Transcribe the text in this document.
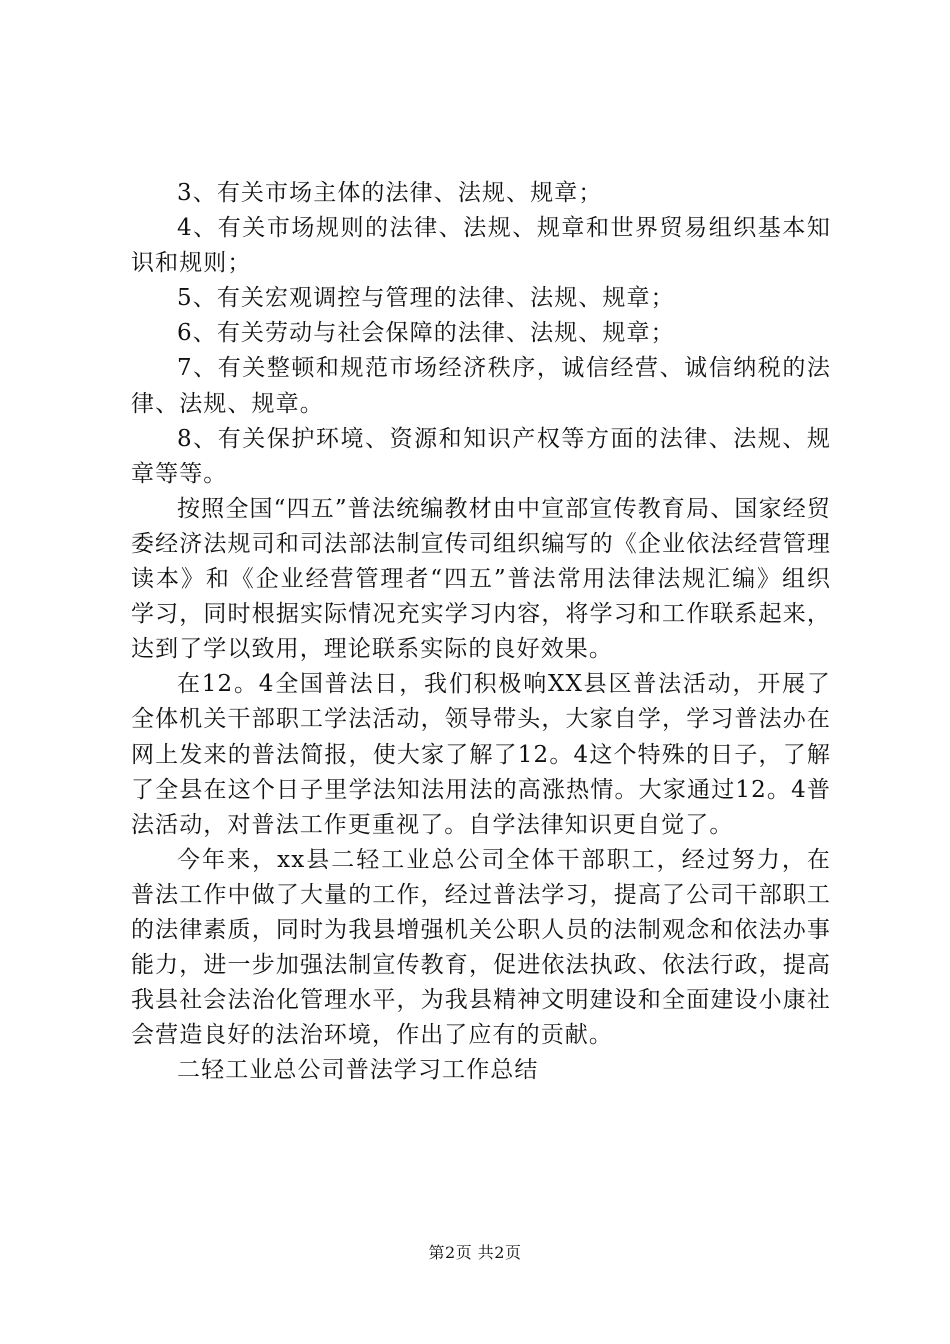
3、有关市场主体的法律、法规、规章；

4、有关市场规则的法律、法规、规章和世界贸易组织基本知识和规则；

5、有关宏观调控与管理的法律、法规、规章；

6、有关劳动与社会保障的法律、法规、规章；

7、有关整顿和规范市场经济秩序，诚信经营、诚信纳税的法律、法规、规章。

8、有关保护环境、资源和知识产权等方面的法律、法规、规章等等。

按照全国“四五”普法统编教材由中宣部宣传教育局、国家经贸委经济法规司和司法部法制宣传司组织编写的《企业依法经营管理读本》和《企业经营管理者“四五”普法常用法律法规汇编》组织学习，同时根据实际情况充实学习内容，将学习和工作联系起来，达到了学以致用，理论联系实际的良好效果。

在12。4全国普法日，我们积极响XX县区普法活动，开展了全体机关干部职工学法活动，领导带头，大家自学，学习普法办在网上发来的普法简报，使大家了解了12。4这个特殊的日子，了解了全县在这个日子里学法知法用法的高涨热情。大家通过12。4普法活动，对普法工作更重视了。自学法律知识更自觉了。

今年来，xx县二轻工业总公司全体干部职工，经过努力，在普法工作中做了大量的工作，经过普法学习，提高了公司干部职工的法律素质，同时为我县增强机关公职人员的法制观念和依法办事能力，进一步加强法制宣传教育，促进依法执政、依法行政，提高我县社会法治化管理水平，为我县精神文明建设和全面建设小康社会营造良好的法治环境，作出了应有的贡献。

二轻工业总公司普法学习工作总结

第2页 共2页
